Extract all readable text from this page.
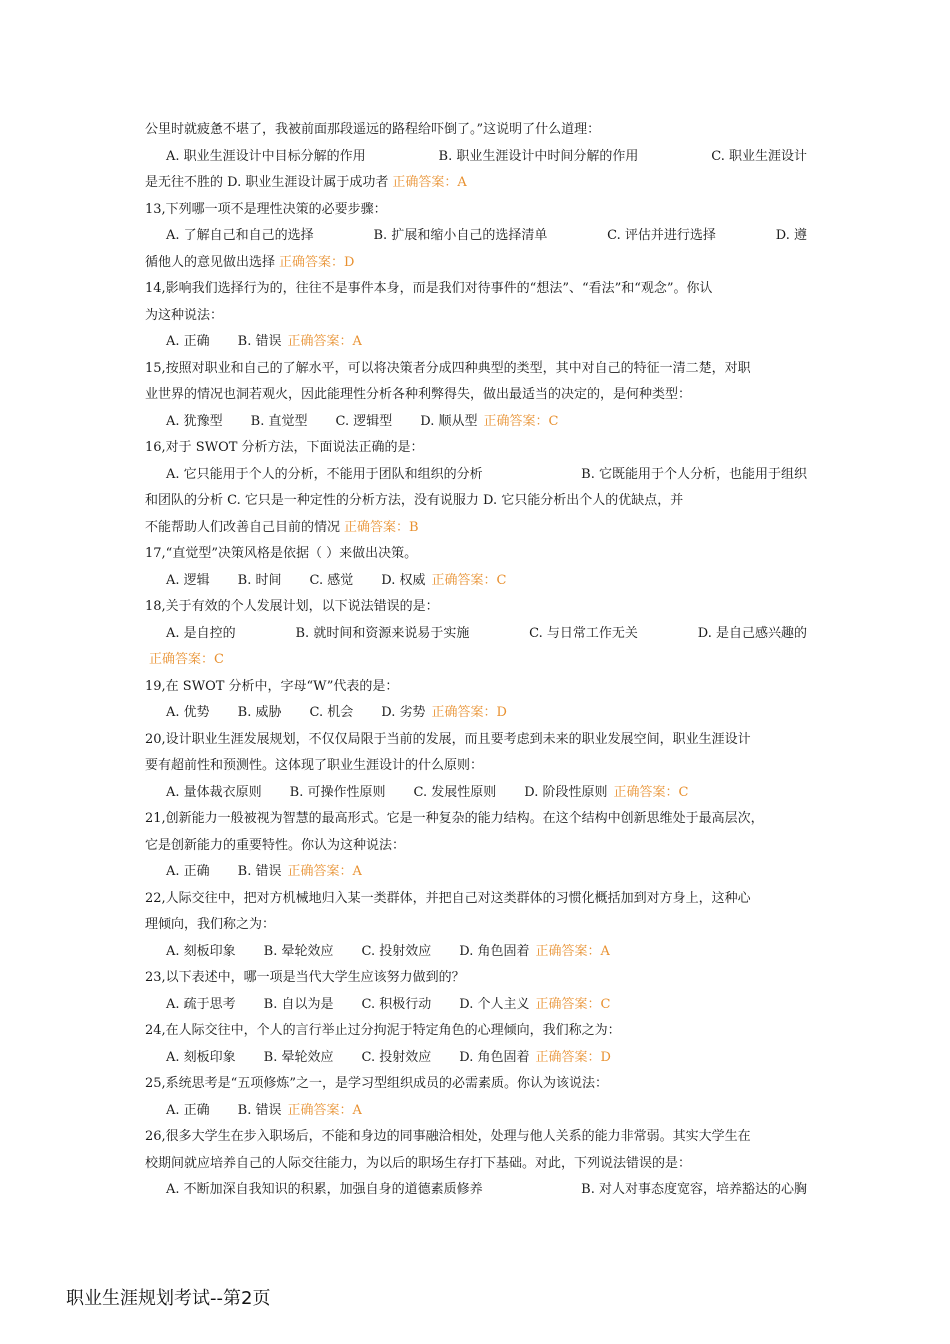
公里时就疲惫不堪了，我被前面那段遥远的路程给吓倒了。”这说明了什么道理：
A. 职业生涯设计中目标分解的作用	B. 职业生涯设计中时间分解的作用	C. 职业生涯设计
是无往不胜的 D. 职业生涯设计属于成功者 正确答案：A
13,下列哪一项不是理性决策的必要步骤：
A. 了解自己和自己的选择	B. 扩展和缩小自己的选择清单	C. 评估并进行选择	D. 遵
循他人的意见做出选择 正确答案：D
14,影响我们选择行为的，往往不是事件本身，而是我们对待事件的“想法”、“看法”和“观念”。你认
为这种说法：
A. 正确 B. 错误 正确答案：A
15,按照对职业和自己的了解水平，可以将决策者分成四种典型的类型，其中对自己的特征一清二楚，对职
业世界的情况也洞若观火，因此能理性分析各种利弊得失，做出最适当的决定的，是何种类型：
A. 犹豫型 B. 直觉型 C. 逻辑型 D. 顺从型 正确答案：C
16,对于 SWOT 分析方法，下面说法正确的是：
A. 它只能用于个人的分析，不能用于团队和组织的分析	B. 它既能用于个人分析，也能用于组织
和团队的分析 C. 它只是一种定性的分析方法，没有说服力 D. 它只能分析出个人的优缺点，并
不能帮助人们改善自己目前的情况 正确答案：B
17,“直觉型”决策风格是依据（ ）来做出决策。
A. 逻辑 B. 时间 C. 感觉 D. 权威 正确答案：C
18,关于有效的个人发展计划，以下说法错误的是：
A. 是自控的	B. 就时间和资源来说易于实施	C. 与日常工作无关	D. 是自己感兴趣的
正确答案：C
19,在 SWOT 分析中，字母“W”代表的是：
A. 优势 B. 威胁 C. 机会 D. 劣势 正确答案：D
20,设计职业生涯发展规划，不仅仅局限于当前的发展，而且要考虑到未来的职业发展空间，职业生涯设计
要有超前性和预测性。这体现了职业生涯设计的什么原则：
A. 量体裁衣原则 B. 可操作性原则 C. 发展性原则 D. 阶段性原则 正确答案：C
21,创新能力一般被视为智慧的最高形式。它是一种复杂的能力结构。在这个结构中创新思维处于最高层次，
它是创新能力的重要特性。你认为这种说法：
A. 正确 B. 错误 正确答案：A
22,人际交往中，把对方机械地归入某一类群体，并把自己对这类群体的习惯化概括加到对方身上，这种心
理倾向，我们称之为：
A. 刻板印象 B. 晕轮效应 C. 投射效应 D. 角色固着 正确答案：A
23,以下表述中，哪一项是当代大学生应该努力做到的？
A. 疏于思考 B. 自以为是 C. 积极行动 D. 个人主义 正确答案：C
24,在人际交往中，个人的言行举止过分拘泥于特定角色的心理倾向，我们称之为：
A. 刻板印象 B. 晕轮效应 C. 投射效应 D. 角色固着 正确答案：D
25,系统思考是“五项修炼”之一，是学习型组织成员的必需素质。你认为该说法：
A. 正确 B. 错误 正确答案：A
26,很多大学生在步入职场后，不能和身边的同事融洽相处，处理与他人关系的能力非常弱。其实大学生在
校期间就应培养自己的人际交往能力，为以后的职场生存打下基础。对此，下列说法错误的是：
A. 不断加深自我知识的积累，加强自身的道德素质修养	B. 对人对事态度宽容，培养豁达的心胸
职业生涯规划考试--第2页
